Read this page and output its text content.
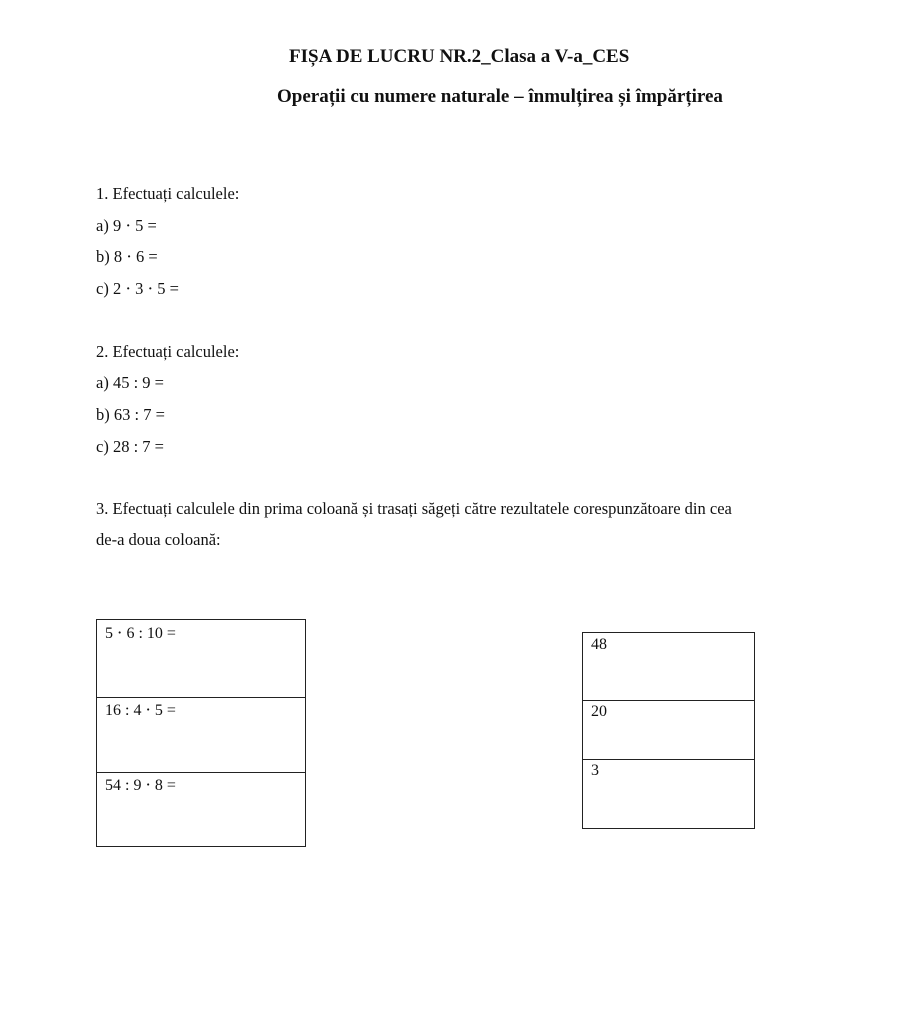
FIȘA DE LUCRU NR.2_Clasa a V-a_CES
Operații cu numere naturale – înmulțirea și împărțirea

1. Efectuați calculele:

a) 9 ⋅ 5 =

b) 8 ⋅ 6 =

c) 2 ⋅ 3 ⋅ 5 =

2. Efectuați calculele:

a) 45 : 9 =

b) 63 : 7 =

c) 28 : 7 =

3. Efectuați calculele din prima coloană și trasați săgeți către rezultatele corespunzătoare din cea

de-a doua coloană:

5 ⋅ 6 : 10 =
16 : 4 ⋅ 5 =
54 : 9 ⋅ 8 =
48
20
3
